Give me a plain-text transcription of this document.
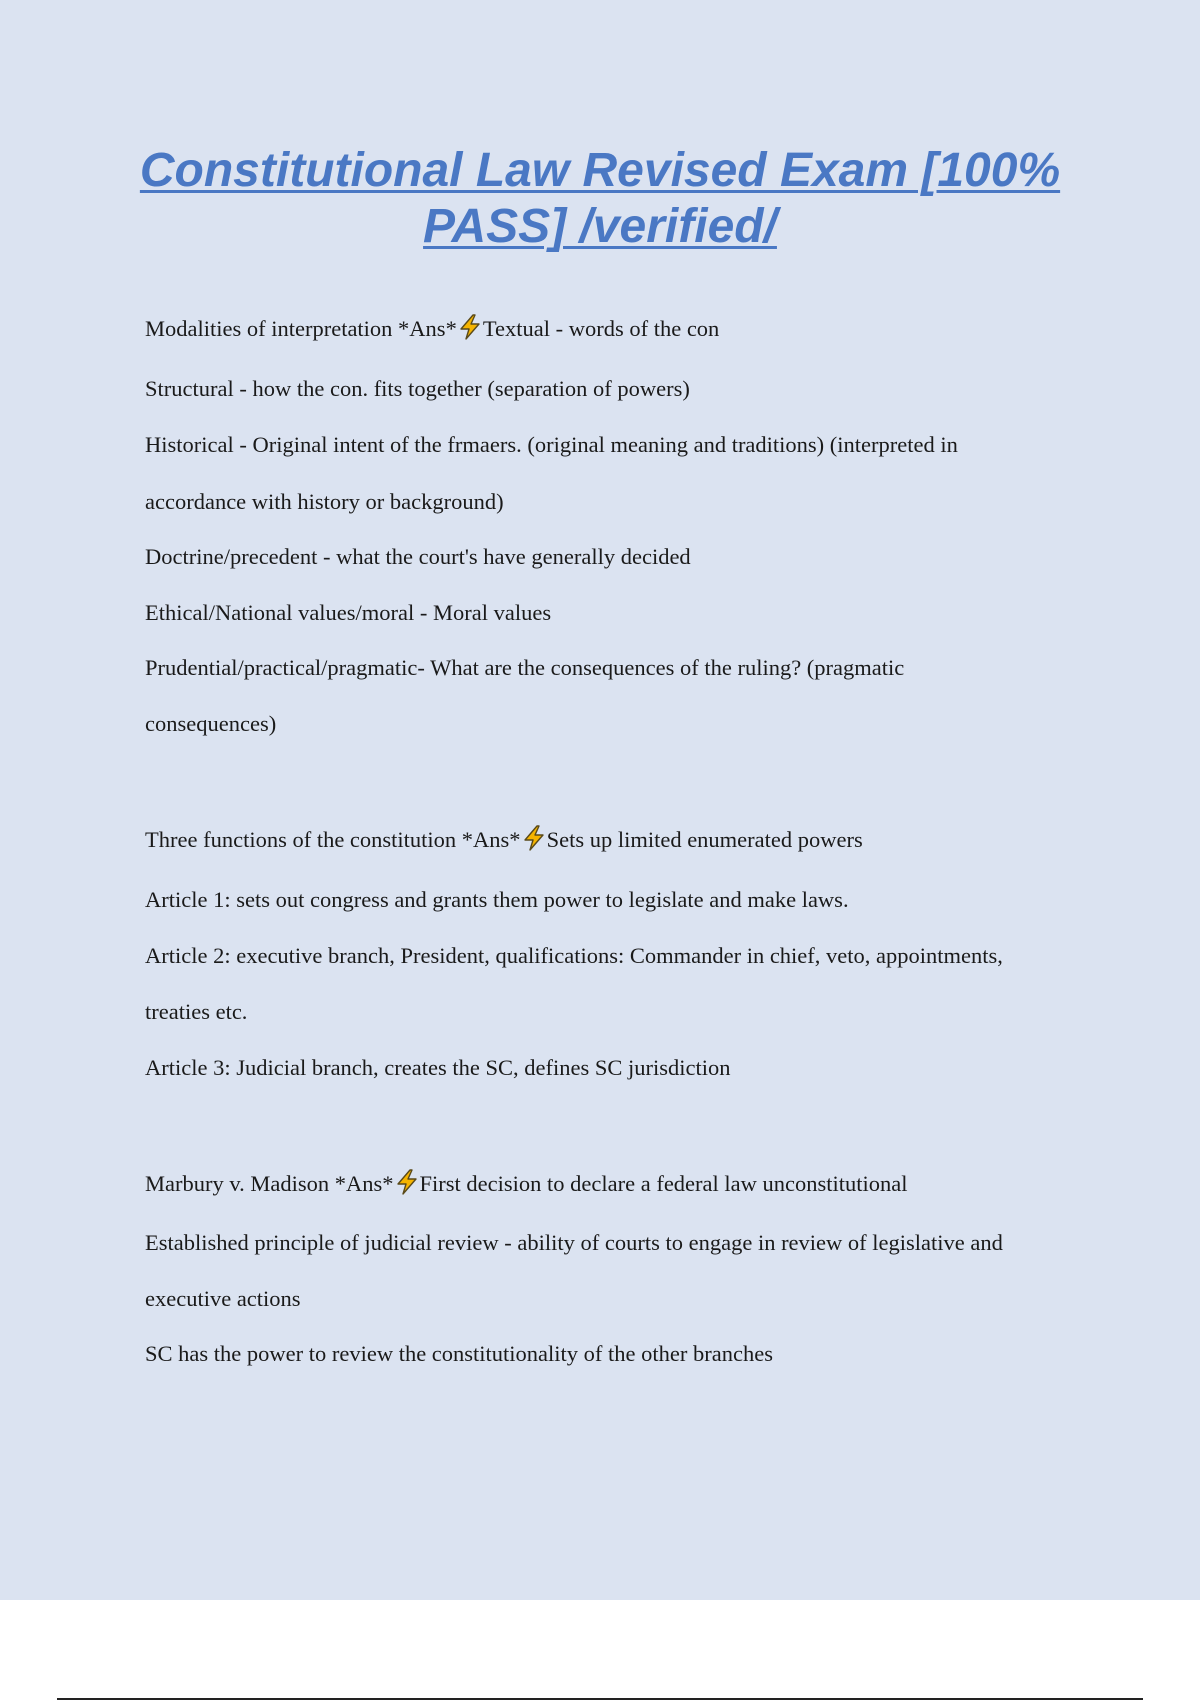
Constitutional Law Revised Exam [100%
PASS] /verified/
Modalities of interpretation *Ans* Textual - words of the con
Structural - how the con. fits together (separation of powers)
Historical - Original intent of the frmaers. (original meaning and traditions) (interpreted in
accordance with history or background)
Doctrine/precedent - what the court's have generally decided
Ethical/National values/moral - Moral values
Prudential/practical/pragmatic- What are the consequences of the ruling? (pragmatic
consequences)
Three functions of the constitution *Ans* Sets up limited enumerated powers
Article 1: sets out congress and grants them power to legislate and make laws.
Article 2: executive branch, President, qualifications: Commander in chief, veto, appointments,
treaties etc.
Article 3: Judicial branch, creates the SC, defines SC jurisdiction
Marbury v. Madison *Ans* First decision to declare a federal law unconstitutional
Established principle of judicial review - ability of courts to engage in review of legislative and
executive actions
SC has the power to review the constitutionality of the other branches
